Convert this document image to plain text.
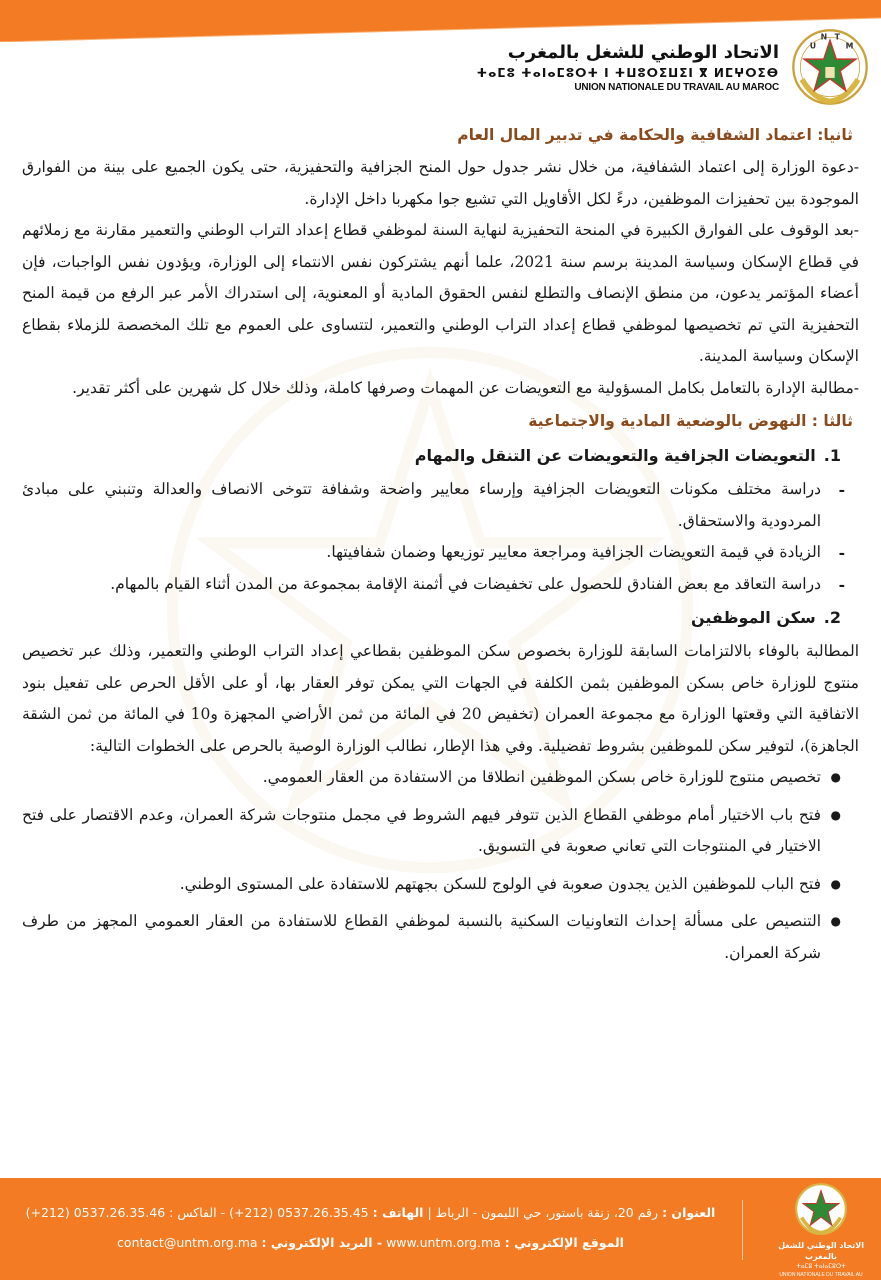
U
N T
M
الاتحاد الوطني للشغل بالمغرب
ⵜⴰⵎⵓ ⵜⴰⵏⴰⵎⵓⵔⵜ ⵏ ⵜⵡⵓⵔⵉⵡⵉⵏ ⴳ ⵍⵎⵖⵔⵉⴱ
UNION NATIONALE DU TRAVAIL AU MAROC
ثانيا: اعتماد الشفافية والحكامة في تدبير المال العام

-دعوة الوزارة إلى اعتماد الشفافية، من خلال نشر جدول حول المنح الجزافية والتحفيزية، حتى يكون الجميع على بينة من الفوارق الموجودة بين تحفيزات الموظفين، درءً لكل الأقاويل التي تشيع جوا مكهربا داخل الإدارة.

-بعد الوقوف على الفوارق الكبيرة في المنحة التحفيزية لنهاية السنة لموظفي قطاع إعداد التراب الوطني والتعمير مقارنة مع زملائهم في قطاع الإسكان وسياسة المدينة برسم سنة 2021، علما أنهم يشتركون نفس الانتماء إلى الوزارة، ويؤدون نفس الواجبات، فإن أعضاء المؤتمر يدعون، من منطق الإنصاف والتطلع لنفس الحقوق المادية أو المعنوية، إلى استدراك الأمر عبر الرفع من قيمة المنح التحفيزية التي تم تخصيصها لموظفي قطاع إعداد التراب الوطني والتعمير، لتتساوى على العموم مع تلك المخصصة للزملاء بقطاع الإسكان وسياسة المدينة.

-مطالبة الإدارة بالتعامل بكامل المسؤولية مع التعويضات عن المهمات وصرفها كاملة، وذلك خلال كل شهرين على أكثر تقدير.

ثالثا : النهوض بالوضعية المادية والاجتماعية
1.
التعويضات الجزافية والتعويضات عن التنقل والمهام
-
دراسة مختلف مكونات التعويضات الجزافية وإرساء معايير واضحة وشفافة تتوخى الانصاف والعدالة وتنبني على مبادئ المردودية والاستحقاق.
-
الزيادة في قيمة التعويضات الجزافية ومراجعة معايير توزيعها وضمان شفافيتها.
-
دراسة التعاقد مع بعض الفنادق للحصول على تخفيضات في أثمنة الإقامة بمجموعة من المدن أثناء القيام بالمهام.
2.
سكن الموظفين

المطالبة بالوفاء بالالتزامات السابقة للوزارة بخصوص سكن الموظفين بقطاعي إعداد التراب الوطني والتعمير، وذلك عبر تخصيص منتوج للوزارة خاص بسكن الموظفين بثمن الكلفة في الجهات التي يمكن توفر العقار بها، أو على الأقل الحرص على تفعيل بنود الاتفاقية التي وقعتها الوزارة مع مجموعة العمران (تخفيض 20 في المائة من ثمن الأراضي المجهزة و10 في المائة من ثمن الشقة الجاهزة)، لتوفير سكن للموظفين بشروط تفضيلية. وفي هذا الإطار، نطالب الوزارة الوصية بالحرص على الخطوات التالية:

●
تخصيص منتوج للوزارة خاص بسكن الموظفين انطلاقا من الاستفادة من العقار العمومي.
●
فتح باب الاختيار أمام موظفي القطاع الذين تتوفر فيهم الشروط في مجمل منتوجات شركة العمران، وعدم الاقتصار على فتح الاختيار في المنتوجات التي تعاني صعوبة في التسويق.
●
فتح الباب للموظفين الذين يجدون صعوبة في الولوج للسكن بجهتهم للاستفادة على المستوى الوطني.
●
التنصيص على مسألة إحداث التعاونيات السكنية بالنسبة لموظفي القطاع للاستفادة من العقار العمومي المجهز من طرف شركة العمران.
الاتحاد الوطني للشغل بالمغرب
ⵜⴰⵎⵓ ⵜⴰⵏⴰⵎⵓⵔⵜ
UNION NATIONALE DU TRAVAIL AU MAROC
العنوان : رقم 20، زنقة باستور، حي الليمون - الرباط | الهاتف : 0537.26.35.45 (212+) - الفاكس : 0537.26.35.46 (212+)
الموقع الإلكتروني : www.untm.org.ma - البريد الإلكتروني : contact@untm.org.ma
